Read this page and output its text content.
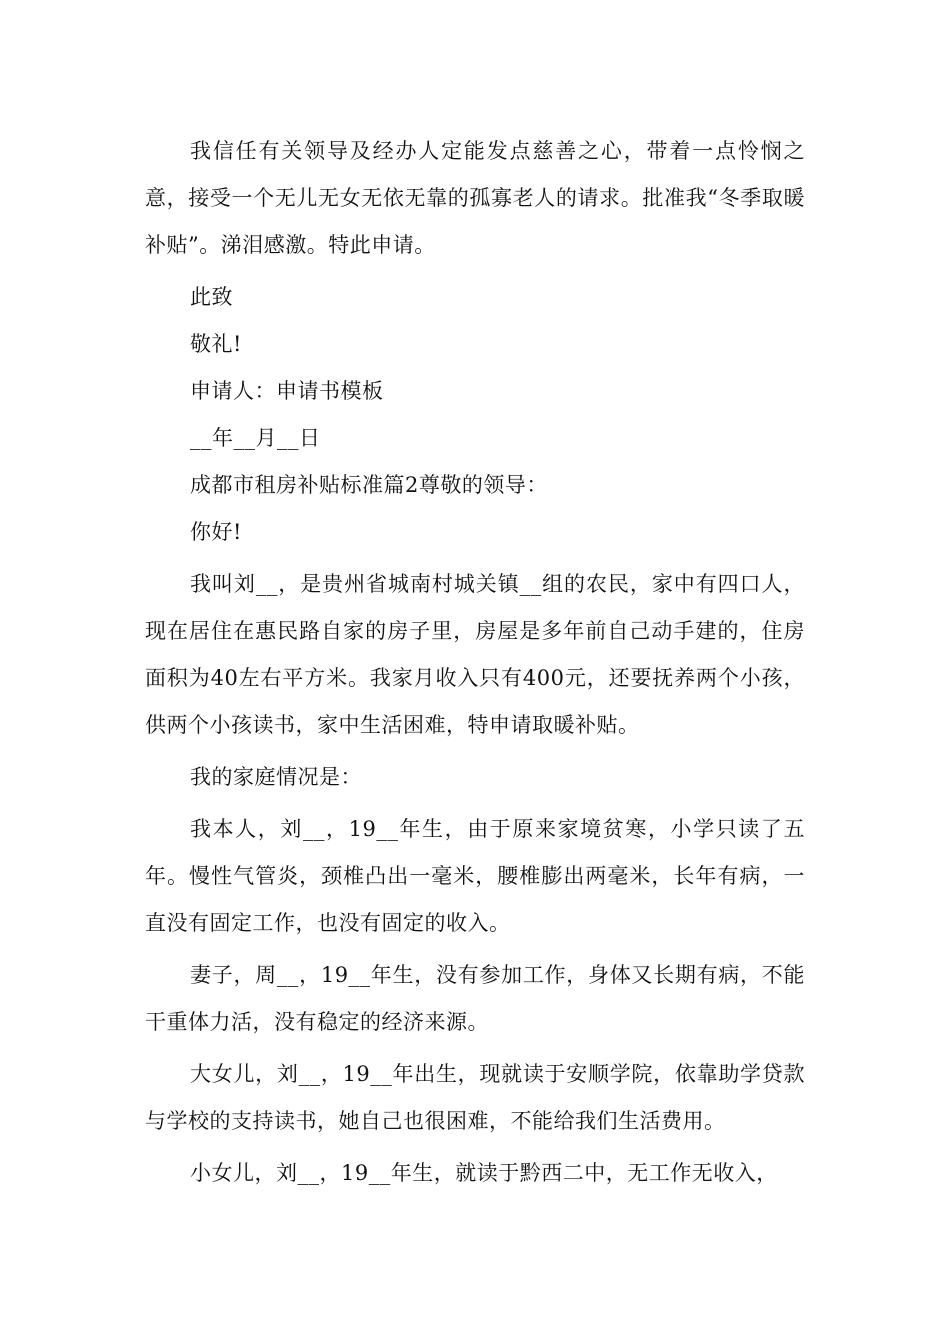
我信任有关领导及经办人定能发点慈善之心，带着一点怜悯之意，接受一个无儿无女无依无靠的孤寡老人的请求。批准我“冬季取暖补贴”。涕泪感激。特此申请。

此致

敬礼!

申请人：申请书模板

__年__月__日

成都市租房补贴标准篇2尊敬的领导：

你好!

我叫刘__，是贵州省城南村城关镇__组的农民，家中有四口人，现在居住在惠民路自家的房子里，房屋是多年前自己动手建的，住房面积为40左右平方米。我家月收入只有400元，还要抚养两个小孩，供两个小孩读书，家中生活困难，特申请取暖补贴。

我的家庭情况是：

我本人，刘__，19__年生，由于原来家境贫寒，小学只读了五年。慢性气管炎，颈椎凸出一毫米，腰椎膨出两毫米，长年有病，一直没有固定工作，也没有固定的收入。

妻子，周__，19__年生，没有参加工作，身体又长期有病，不能干重体力活，没有稳定的经济来源。

大女儿，刘__，19__年出生，现就读于安顺学院，依靠助学贷款与学校的支持读书，她自己也很困难，不能给我们生活费用。

小女儿，刘__，19__年生，就读于黔西二中，无工作无收入，
